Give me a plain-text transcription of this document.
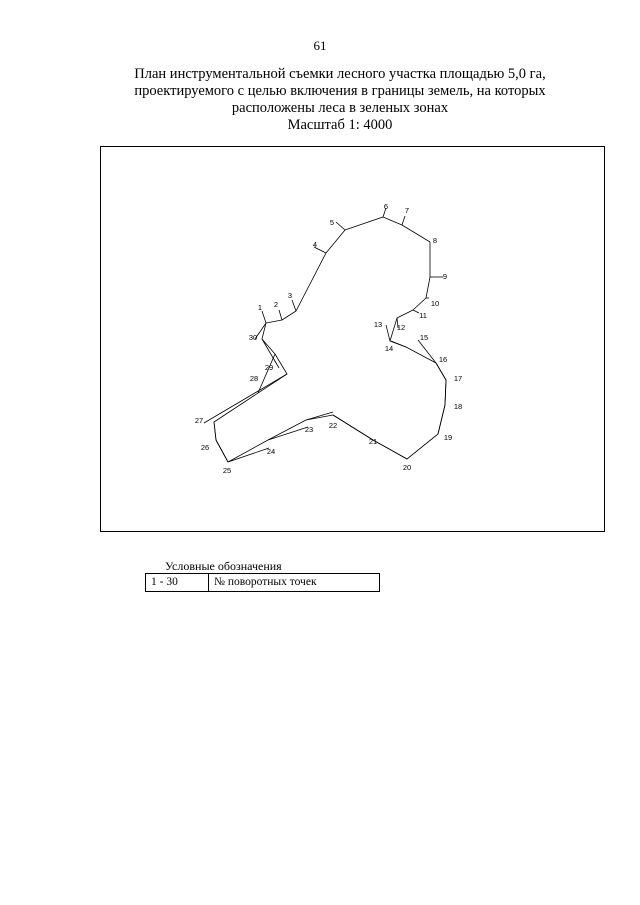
61
План инструментальной съемки лесного участка площадью 5,0 га,
проектируемого с целью включения в границы земель, на которых
расположены леса в зеленых зонах
Масштаб 1: 4000
1 2
3
4
5
6 7
8
9
10
11
12
13
14
15
16
17
18
19
20
21
22
23
24
25
26
27
28
29
30
Условные обозначения
1 - 30	№ поворотных точек
